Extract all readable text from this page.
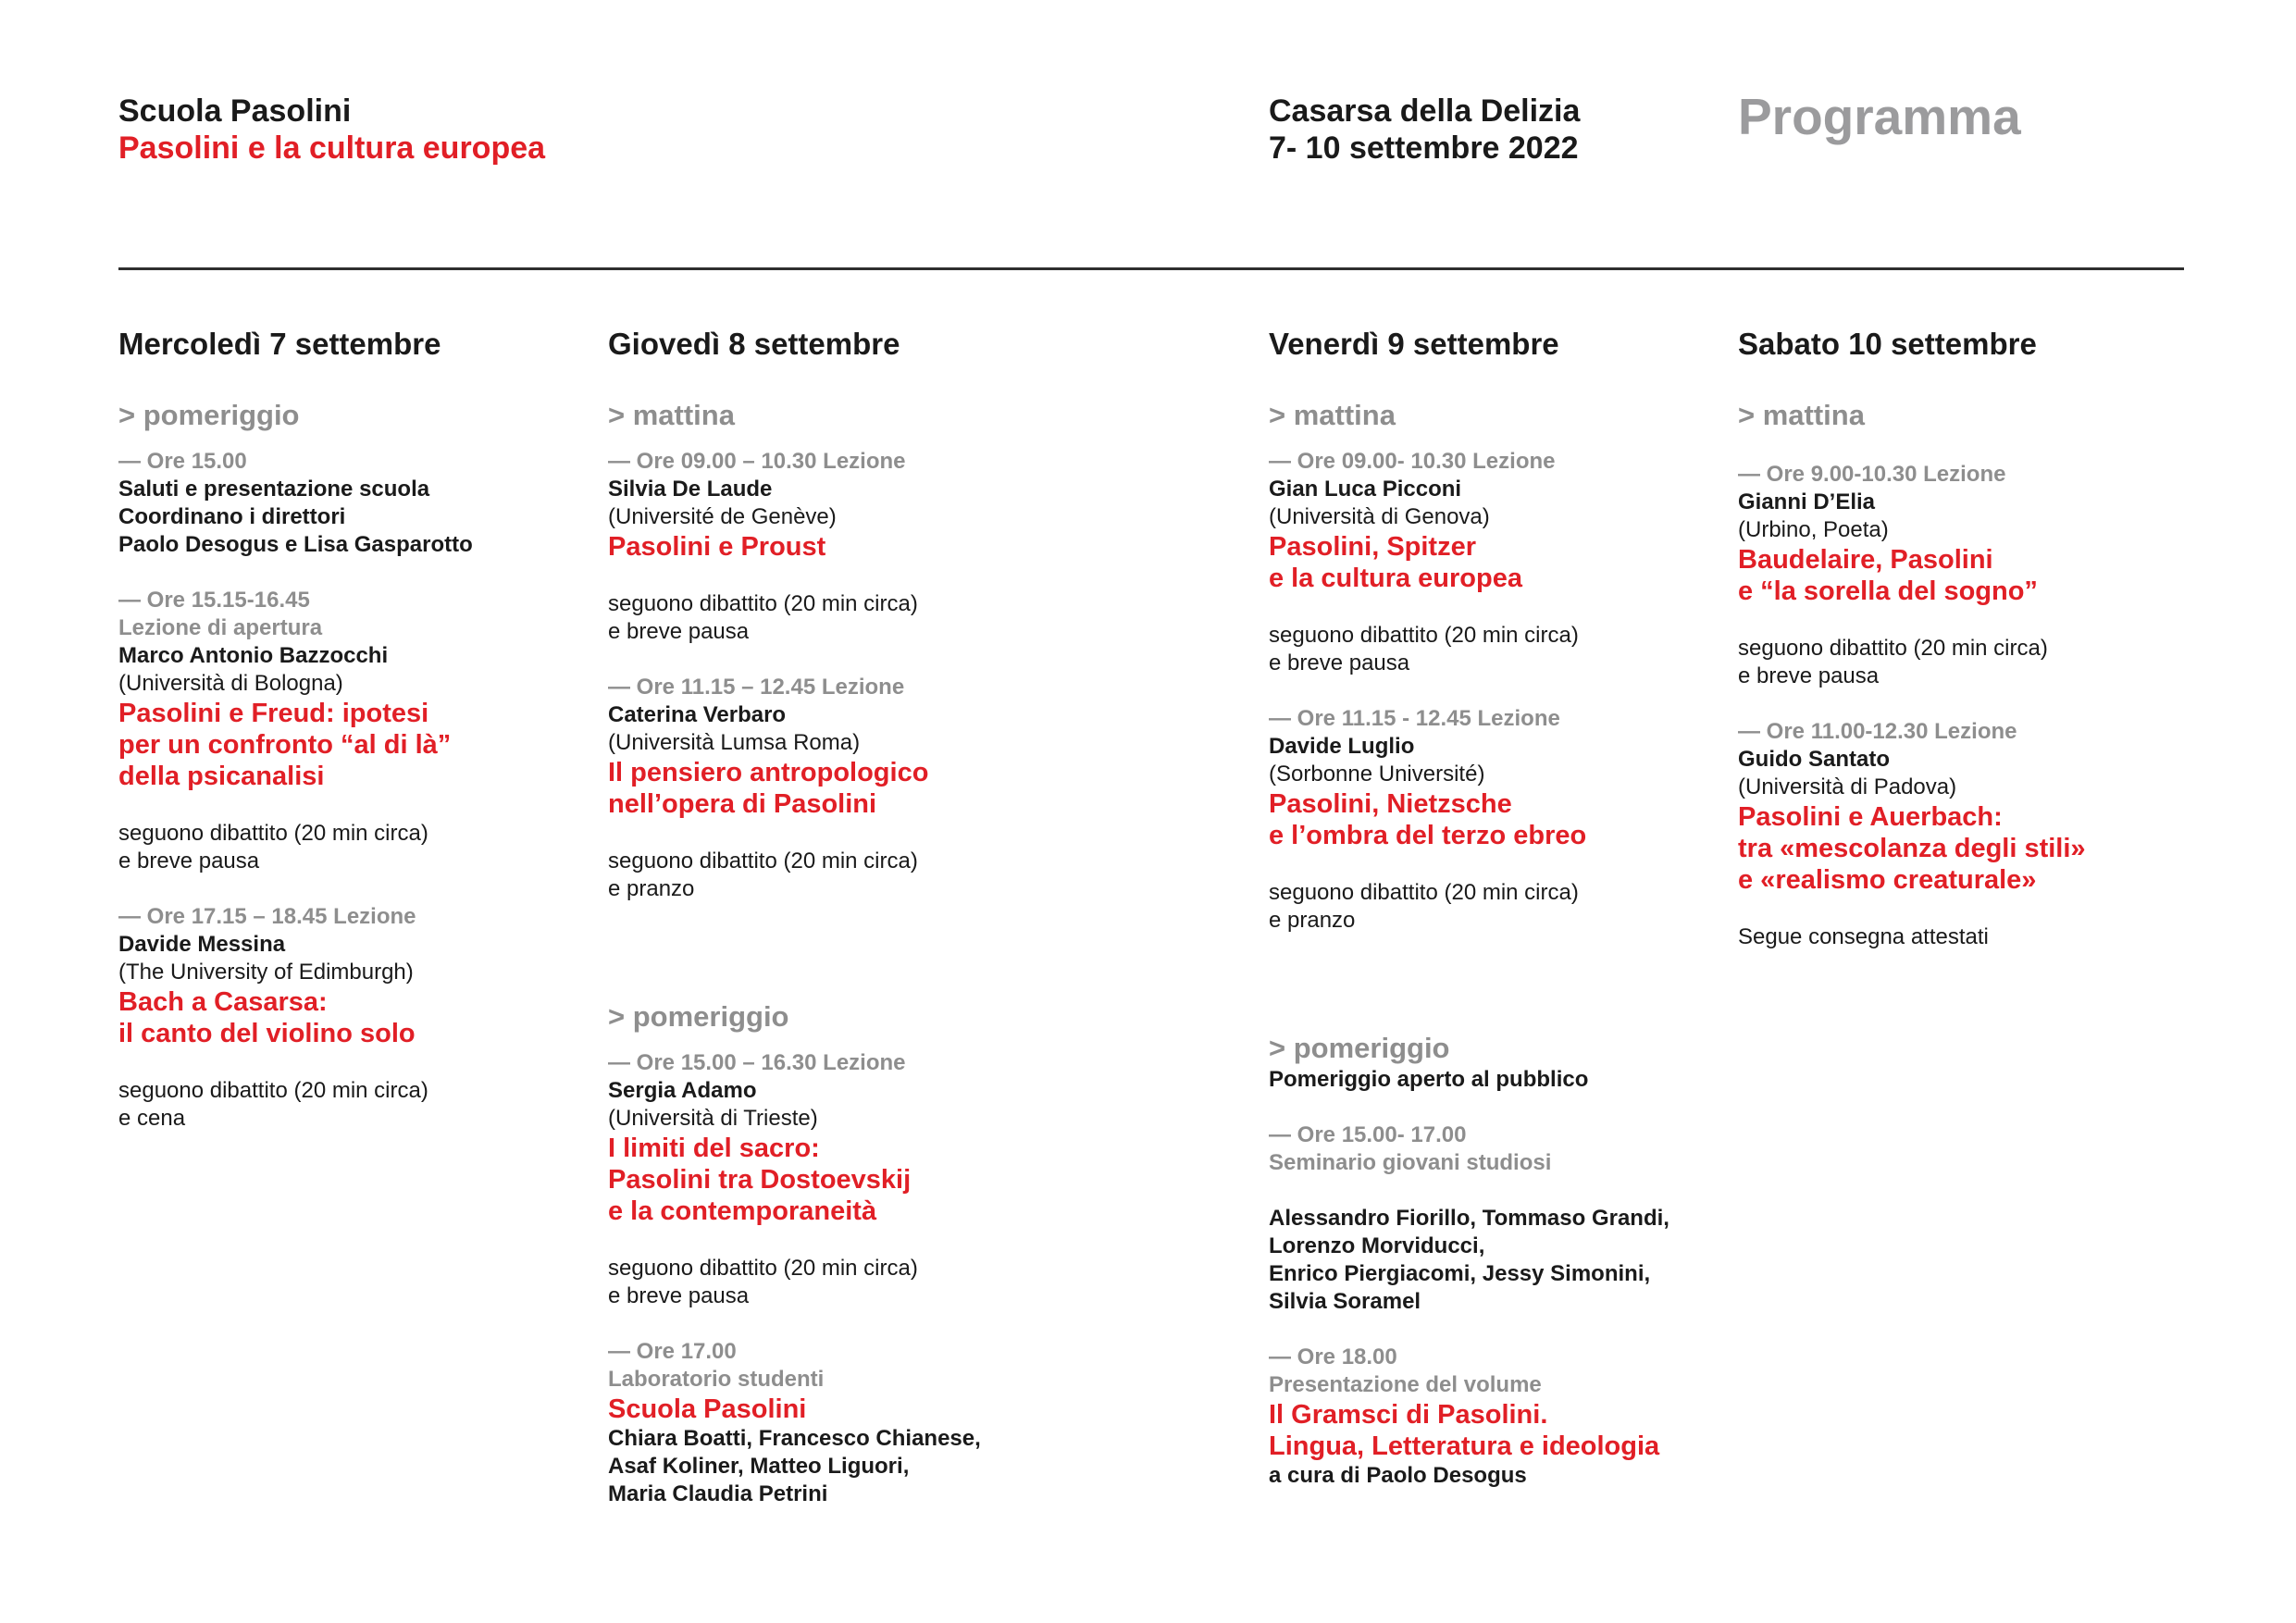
Scuola Pasolini
Pasolini e la cultura europea
Casarsa della Delizia
7- 10 settembre 2022
Programma
Mercoledì 7 settembre
> pomeriggio
— Ore 15.00
Saluti e presentazione scuola
Coordinano i direttori
Paolo Desogus e Lisa Gasparotto
— Ore 15.15-16.45
Lezione di apertura
Marco Antonio Bazzocchi
(Università di Bologna)
Pasolini e Freud: ipotesi
per un confronto “al di là”
della psicanalisi
seguono dibattito (20 min circa)
e breve pausa
— Ore 17.15 – 18.45 Lezione
Davide Messina
(The University of Edimburgh)
Bach a Casarsa:
il canto del violino solo
seguono dibattito (20 min circa)
e cena
Giovedì 8 settembre
> mattina
— Ore 09.00 – 10.30 Lezione
Silvia De Laude
(Université de Genève)
Pasolini e Proust
seguono dibattito (20 min circa)
e breve pausa
— Ore 11.15 – 12.45 Lezione
Caterina Verbaro
(Università Lumsa Roma)
Il pensiero antropologico
nell’opera di Pasolini
seguono dibattito (20 min circa)
e pranzo
> pomeriggio
— Ore 15.00 – 16.30 Lezione
Sergia Adamo
(Università di Trieste)
I limiti del sacro:
Pasolini tra Dostoevskij
e la contemporaneità
seguono dibattito (20 min circa)
e breve pausa
— Ore 17.00
Laboratorio studenti
Scuola Pasolini
Chiara Boatti, Francesco Chianese,
Asaf Koliner, Matteo Liguori,
Maria Claudia Petrini
Venerdì 9 settembre
> mattina
— Ore 09.00- 10.30 Lezione
Gian Luca Picconi
(Università di Genova)
Pasolini, Spitzer
e la cultura europea
seguono dibattito (20 min circa)
e breve pausa
— Ore 11.15 - 12.45 Lezione
Davide Luglio
(Sorbonne Université)
Pasolini, Nietzsche
e l’ombra del terzo ebreo
seguono dibattito (20 min circa)
e pranzo
> pomeriggio
Pomeriggio aperto al pubblico
— Ore 15.00- 17.00
Seminario giovani studiosi
Alessandro Fiorillo, Tommaso Grandi,
Lorenzo Morviducci,
Enrico Piergiacomi, Jessy Simonini,
Silvia Soramel
— Ore 18.00
Presentazione del volume
Il Gramsci di Pasolini.
Lingua, Letteratura e ideologia
a cura di Paolo Desogus
Sabato 10 settembre
> mattina
— Ore 9.00-10.30 Lezione
Gianni D’Elia
(Urbino, Poeta)
Baudelaire, Pasolini
e “la sorella del sogno”
seguono dibattito (20 min circa)
e breve pausa
— Ore 11.00-12.30 Lezione
Guido Santato
(Università di Padova)
Pasolini e Auerbach:
tra «mescolanza degli stili»
e «realismo creaturale»
Segue consegna attestati
